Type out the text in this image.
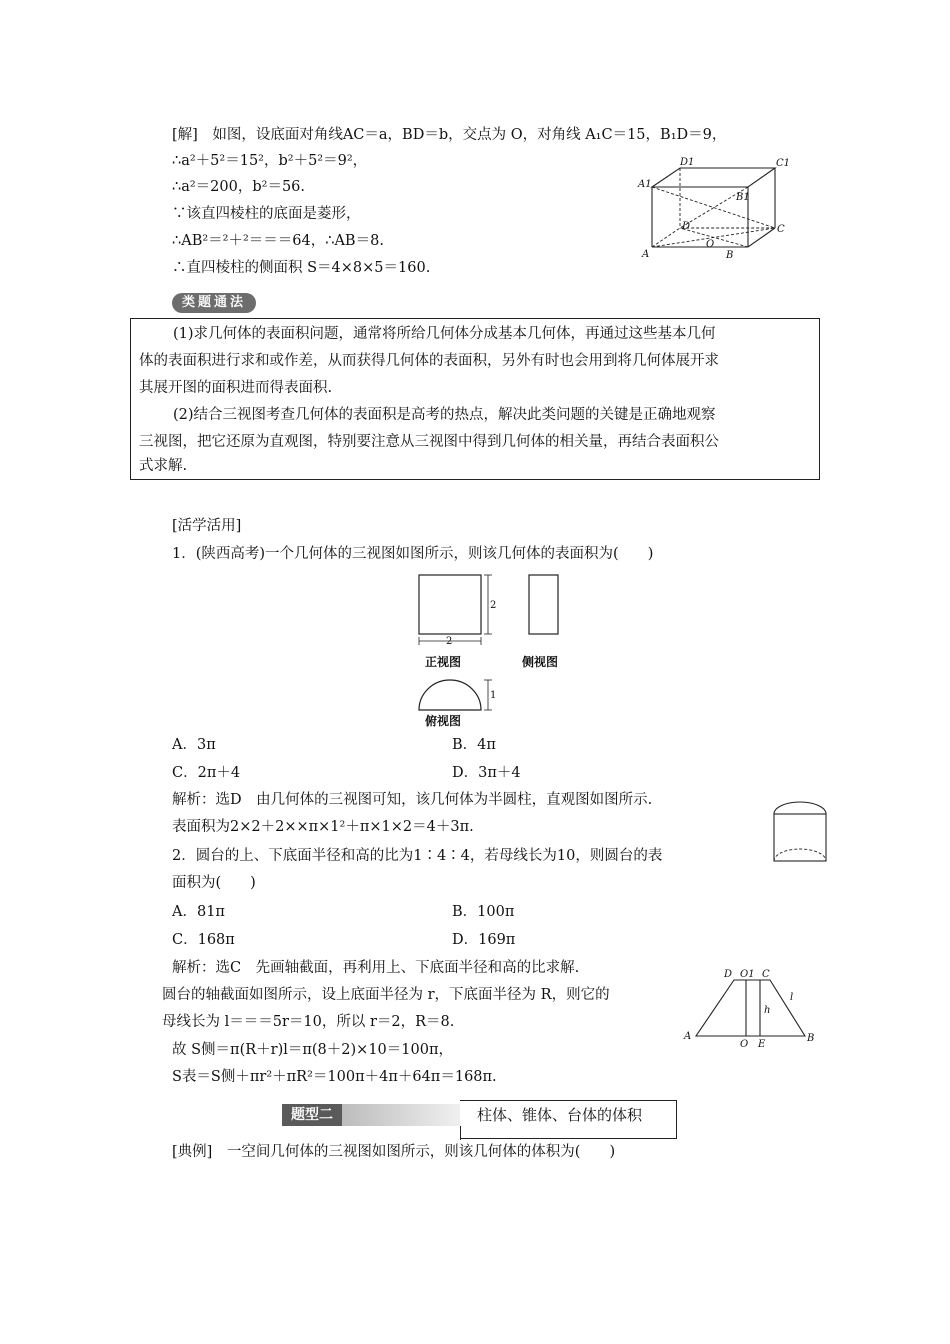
[解]　如图，设底面对角线AC＝a，BD＝b，交点为 O，对角线 A₁C＝15，B₁D＝9，
∴a²＋5²＝15²，b²＋5²＝9²，
∴a²＝200，b²＝56.
∵该直四棱柱的底面是菱形，
∴AB²＝²＋²＝＝＝64，∴AB＝8.
∴直四棱柱的侧面积 S＝4×8×5＝160.
D1	C1
A1
B1
D	C
O
A	B
类题通法
(1)求几何体的表面积问题，通常将所给几何体分成基本几何体，再通过这些基本几何
体的表面积进行求和或作差，从而获得几何体的表面积，另外有时也会用到将几何体展开求
其展开图的面积进而得表面积.
(2)结合三视图考查几何体的表面积是高考的热点，解决此类问题的关键是正确地观察
三视图，把它还原为直观图，特别要注意从三视图中得到几何体的相关量，再结合表面积公
式求解.
[活学活用]
1．(陕西高考)一个几何体的三视图如图所示，则该几何体的表面积为(　　)
2
2
1
正视图	侧视图
俯视图
A．3π	B．4π
C．2π＋4	D．3π＋4
解析：选D　由几何体的三视图可知，该几何体为半圆柱，直观图如图所示.
表面积为2×2＋2××π×1²＋π×1×2＝4＋3π.
2．圆台的上、下底面半径和高的比为1∶4∶4，若母线长为10，则圆台的表
面积为(　　)
A．81π	B．100π
C．168π	D．169π
解析：选C　先画轴截面，再利用上、下底面半径和高的比求解.
圆台的轴截面如图所示，设上底面半径为 r，下底面半径为 R，则它的
母线长为 l＝＝＝5r＝10，所以 r＝2，R＝8.
故 S侧＝π(R＋r)l＝π(8＋2)×10＝100π，
S表＝S侧＋πr²＋πR²＝100π＋4π＋64π＝168π.
D O1 C
l
h
A
O E
B
题型二	柱体、锥体、台体的体积
[典例]　一空间几何体的三视图如图所示，则该几何体的体积为(　　)
